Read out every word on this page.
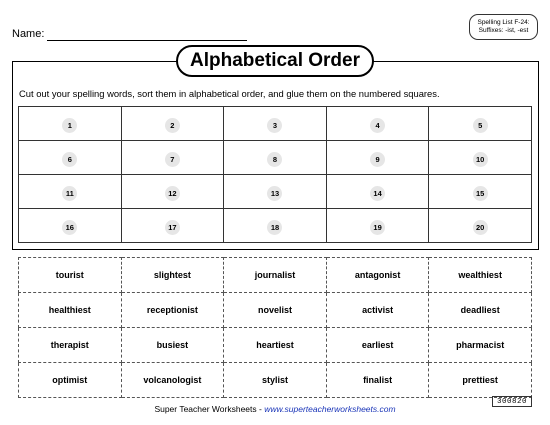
Name:
Spelling List F-24:
Suffixes: -ist, -est
Alphabetical Order
Cut out your spelling words, sort them in alphabetical order, and glue them on the numbered squares.
1	2	3	4	5
6	7	8	9	10
11	12	13	14	15
16	17	18	19	20
tourist	slightest	journalist	antagonist	wealthiest
healthiest	receptionist	novelist	activist	deadliest
therapist	busiest	heartiest	earliest	pharmacist
optimist	volcanologist	stylist	finalist	prettiest
300820
Super Teacher Worksheets - www.superteacherworksheets.com
